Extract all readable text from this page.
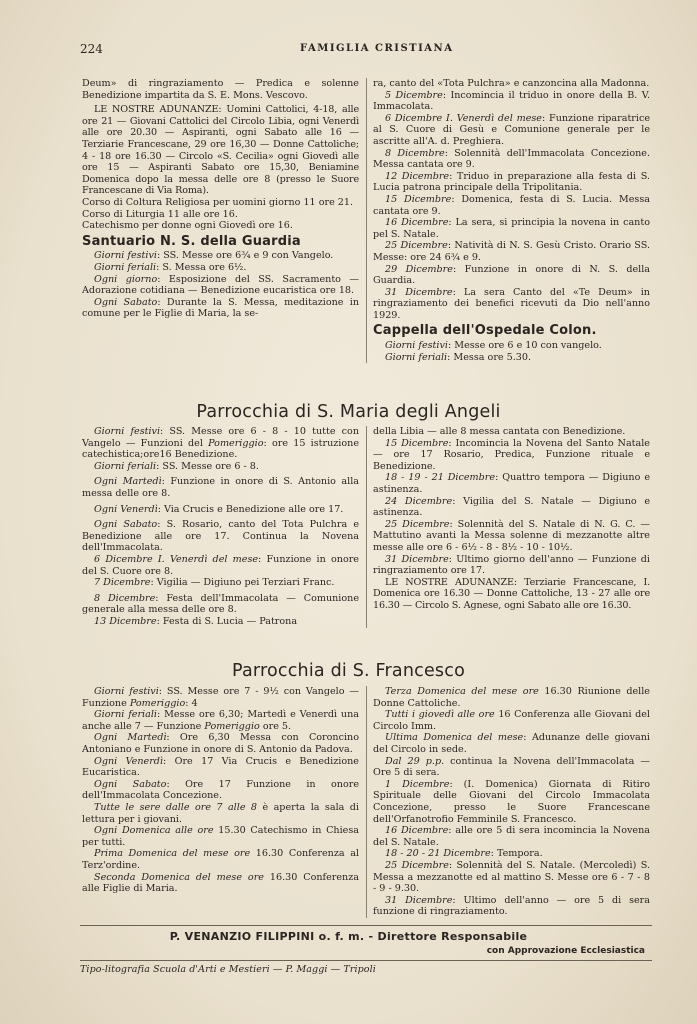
224	FAMIGLIA CRISTIANA

Deum» di ringraziamento — Predica e solenne Benedizione impartita da S. E. Mons. Vescovo.

LE NOSTRE ADUNANZE: Uomini Cattolici, 4-18, alle ore 21 — Giovani Cattolici del Circolo Libia, ogni Venerdì alle ore 20.30 — Aspiranti, ogni Sabato alle 16 — Terziarie Francescane, 29 ore 16,30 — Donne Cattoliche; 4 - 18 ore 16.30 — Circolo «S. Cecilia» ogni Giovedì alle ore 15 — Aspiranti Sabato ore 15,30, Beniamine Domenica dopo la messa delle ore 8 (presso le Suore Francescane di Via Roma).

Corso di Coltura Religiosa per uomini giorno 11 ore 21.

Corso di Liturgia 11 alle ore 16.

Catechismo per donne ogni Giovedì ore 16.

Santuario N. S. della Guardia

Giorni festivi: SS. Messe ore 6¾ e 9 con Vangelo.

Giorni feriali: S. Messa ore 6½.

Ogni giorno: Esposizione del SS. Sacramento — Adorazione cotidiana — Benedizione eucaristica ore 18.

Ogni Sabato: Durante la S. Messa, meditazione in comune per le Figlie di Maria, la se-

ra, canto del «Tota Pulchra» e canzoncina alla Madonna.

5 Dicembre: Incomincia il triduo in onore della B. V. Immacolata.

6 Dicembre I. Venerdì del mese: Funzione riparatrice al S. Cuore di Gesù e Comunione generale per le ascritte all'A. d. Preghiera.

8 Dicembre: Solennità dell'Immacolata Concezione. Messa cantata ore 9.

12 Dicembre: Triduo in preparazione alla festa di S. Lucia patrona principale della Tripolitania.

15 Dicembre: Domenica, festa di S. Lucia. Messa cantata ore 9.

16 Dicembre: La sera, si principia la novena in canto pel S. Natale.

25 Dicembre: Natività di N. S. Gesù Cristo. Orario SS. Messe: ore 24 6¾ e 9.

29 Dicembre: Funzione in onore di N. S. della Guardia.

31 Dicembre: La sera Canto del «Te Deum» in ringraziamento dei benefici ricevuti da Dio nell'anno 1929.

Cappella dell'Ospedale Colon.

Giorni festivi: Messe ore 6 e 10 con vangelo.

Giorni feriali: Messa ore 5.30.

Parrocchia di S. Maria degli Angeli

Giorni festivi: SS. Messe ore 6 - 8 - 10 tutte con Vangelo — Funzioni del Pomeriggio: ore 15 istruzione catechistica;ore16 Benedizione.

Giorni feriali: SS. Messe ore 6 - 8.

Ogni Martedì: Funzione in onore di S. Antonio alla messa delle ore 8.

Ogni Venerdì: Via Crucis e Benedizione alle ore 17.

Ogni Sabato: S. Rosario, canto del Tota Pulchra e Benedizione alle ore 17. Continua la Novena dell'Immacolata.

6 Dicembre I. Venerdì del mese: Funzione in onore del S. Cuore ore 8.

7 Dicembre: Vigilia — Digiuno pei Terziari Franc.

8 Dicembre: Festa dell'Immacolata — Comunione generale alla messa delle ore 8.

13 Dicembre: Festa di S. Lucia — Patrona

della Libia — alle 8 messa cantata con Benedizione.

15 Dicembre: Incomincia la Novena del Santo Natale — ore 17 Rosario, Predica, Funzione rituale e Benedizione.

18 - 19 - 21 Dicembre: Quattro tempora — Digiuno e astinenza.

24 Dicembre: Vigilia del S. Natale — Digiuno e astinenza.

25 Dicembre: Solennità del S. Natale di N. G. C. — Mattutino avanti la Messa solenne di mezzanotte altre messe alle ore 6 - 6½ - 8 - 8½ - 10 - 10½.

31 Dicembre: Ultimo giorno dell'anno — Funzione di ringraziamento ore 17.

LE NOSTRE ADUNANZE: Terziarie Francescane, I. Domenica ore 16.30 — Donne Cattoliche, 13 - 27 alle ore 16.30 — Circolo S. Agnese, ogni Sabato alle ore 16.30.

Parrocchia di S. Francesco

Giorni festivi: SS. Messe ore 7 - 9½ con Vangelo — Funzione Pomeriggio: 4

Giorni feriali: Messe ore 6,30; Martedì e Venerdì una anche alle 7 — Funzione Pomeriggio ore 5.

Ogni Martedì: Ore 6,30 Messa con Coroncino Antoniano e Funzione in onore di S. Antonio da Padova.

Ogni Venerdì: Ore 17 Via Crucis e Benedizione Eucaristica.

Ogni Sabato: Ore 17 Funzione in onore dell'Immacolata Concezione.

Tutte le sere dalle ore 7 alle 8 è aperta la sala di lettura per i giovani.

Ogni Domenica alle ore 15.30 Catechismo in Chiesa per tutti.

Prima Domenica del mese ore 16.30 Conferenza al Terz'ordine.

Seconda Domenica del mese ore 16.30 Conferenza alle Figlie di Maria.

Terza Domenica del mese ore 16.30 Riunione delle Donne Cattoliche.

Tutti i giovedì alle ore 16 Conferenza alle Giovani del Circolo Imm.

Ultima Domenica del mese: Adunanze delle giovani del Circolo in sede.

Dal 29 p.p. continua la Novena dell'Immacolata — Ore 5 di sera.

1 Dicembre: (I. Domenica) Giornata di Ritiro Spirituale delle Giovani del Circolo Immacolata Concezione, presso le Suore Francescane dell'Orfanotrofio Femminile S. Francesco.

16 Dicembre: alle ore 5 di sera incomincia la Novena del S. Natale.

18 - 20 - 21 Dicembre: Tempora.

25 Dicembre: Solennità del S. Natale. (Mercoledì) S. Messa a mezzanotte ed al mattino S. Messe ore 6 - 7 - 8 - 9 - 9.30.

31 Dicembre: Ultimo dell'anno — ore 5 di sera funzione di ringraziamento.

P. VENANZIO FILIPPINI o. f. m. - Direttore Responsabile
con Approvazione Ecclesiastica
Tipo-litografia Scuola d'Arti e Mestieri — P. Maggi — Tripoli
